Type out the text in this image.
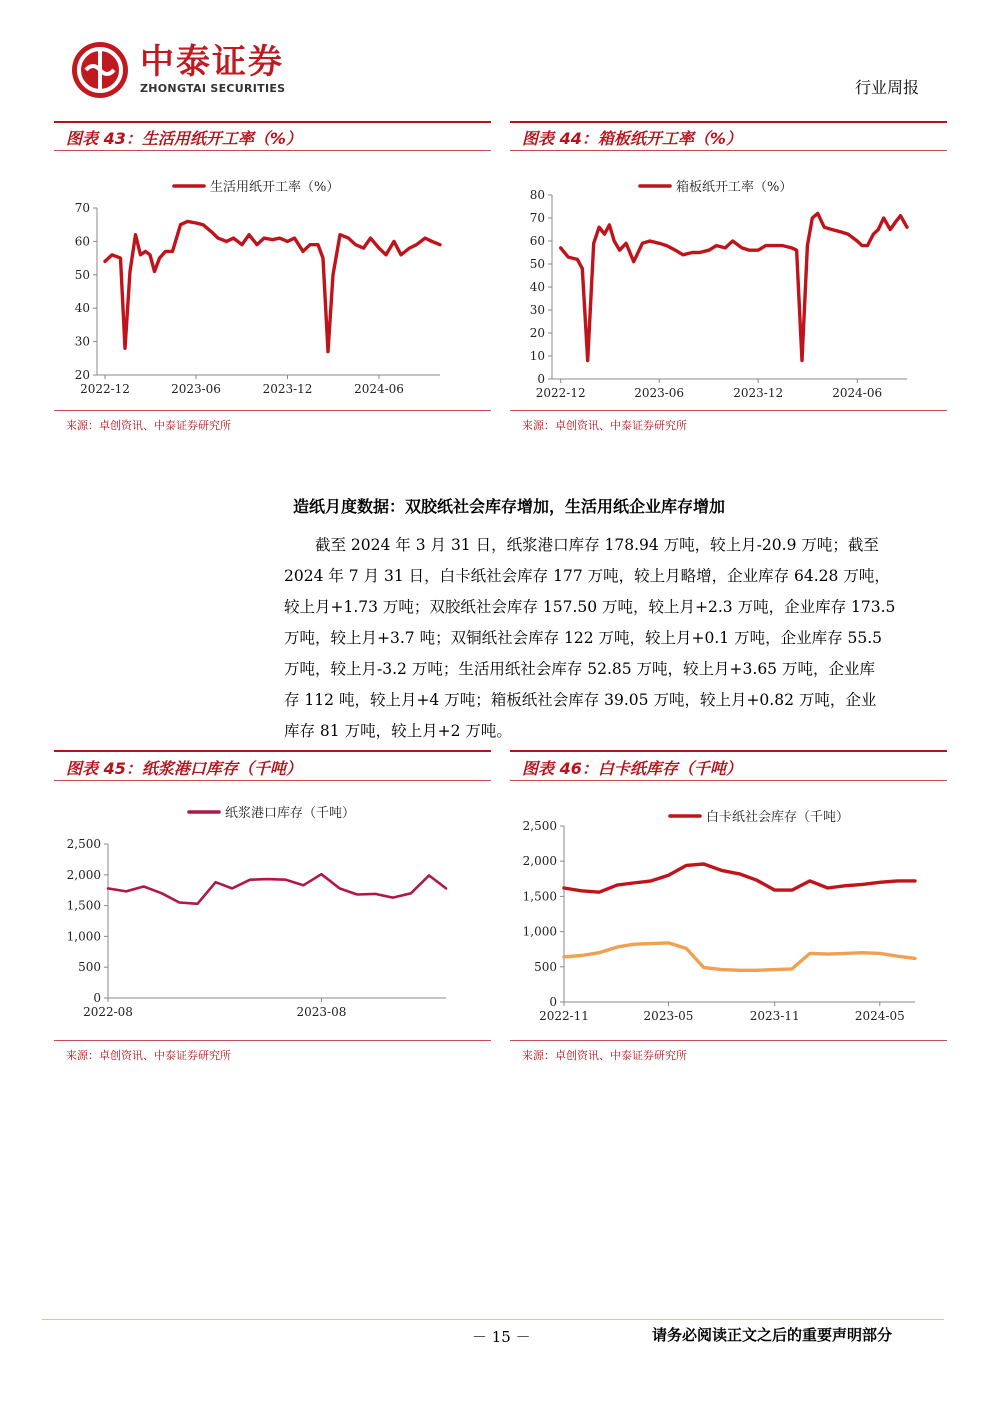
中泰证券
ZHONGTAI SECURITIES	行业周报
图表 43：生活用纸开工率（%）	图表 44：箱板纸开工率（%）
20
30
40
50
60
70
2022-12	2023-06	2023-12	2024-06
生活用纸开工率（%）
0
10
20
30
40
50
60
70
80
2022-12	2023-06	2023-12	2024-06
箱板纸开工率（%）
来源：卓创资讯、中泰证券研究所	来源：卓创资讯、中泰证券研究所
造纸月度数据：双胶纸社会库存增加，生活用纸企业库存增加
　　截至 2024 年 3 月 31 日，纸浆港口库存 178.94 万吨，较上月-20.9 万吨；截至
2024 年 7 月 31 日，白卡纸社会库存 177 万吨，较上月略增，企业库存 64.28 万吨，
较上月+1.73 万吨；双胶纸社会库存 157.50 万吨，较上月+2.3 万吨，企业库存 173.5
万吨，较上月+3.7 吨；双铜纸社会库存 122 万吨，较上月+0.1 万吨，企业库存 55.5
万吨，较上月-3.2 万吨；生活用纸社会库存 52.85 万吨，较上月+3.65 万吨，企业库
存 112 吨，较上月+4 万吨；箱板纸社会库存 39.05 万吨，较上月+0.82 万吨，企业
库存 81 万吨，较上月+2 万吨。
图表 45：纸浆港口库存（千吨）	图表 46：白卡纸库存（千吨）
0
500
1,000
1,500
2,000
2,500
2022-08	2023-08
纸浆港口库存（千吨）
0
500
1,000
1,500
2,000
2,500
2022-11	2023-05	2023-11	2024-05
白卡纸社会库存（千吨）
来源：卓创资讯、中泰证券研究所	来源：卓创资讯、中泰证券研究所
－ 15 －	请务必阅读正文之后的重要声明部分
